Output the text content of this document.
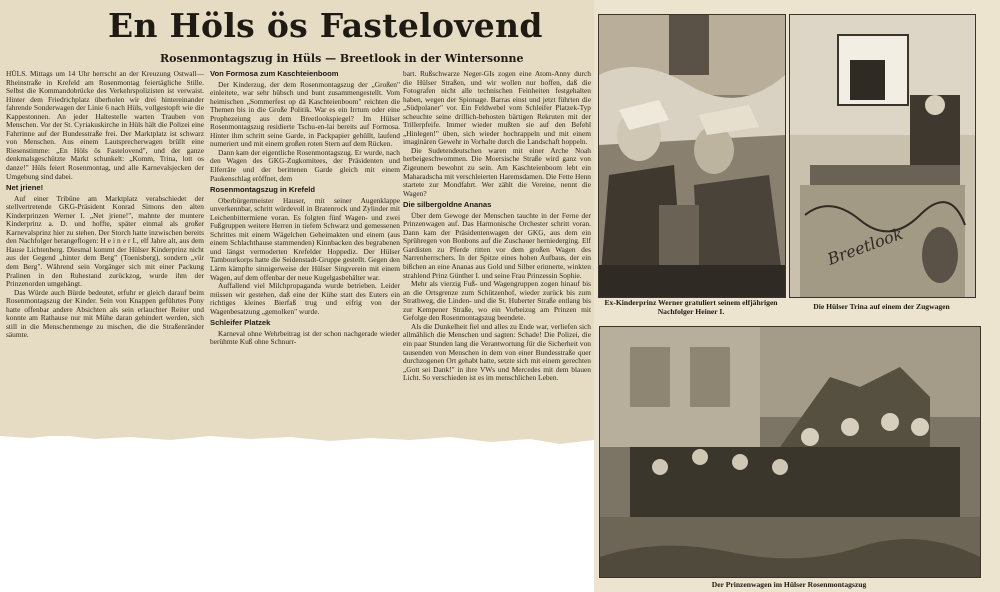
En Höls ös Fastelovend
Rosenmontagszug in Hüls — Breetlook in der Wintersonne

HÜLS. Mittags um 14 Uhr herrscht an der Kreuzung Ostwall—Rheinstraße in Krefeld am Rosenmontag feiertägliche Stille. Selbst die Kommandobrücke des Verkehrspolizisten ist verwaist. Hinter dem Friedrichplatz überholen wir drei hintereinander fahrende Sonderwagen der Linie 6 nach Hüls, vollgestopft wie die Kappestonnen. An jeder Haltestelle warten Trauben von Menschen. Vor der St. Cyriakuskirche in Hüls hält die Polizei eine Fahrrinne auf der Bundesstraße frei. Der Marktplatz ist schwarz von Menschen. Aus einem Lautsprecherwagen brüllt eine Riesenstimme: „En Höls ös Fastelovend", und der ganze denkmalsgeschützte Markt schunkelt: „Komm, Trina, lott os danze!" Hüls feiert Rosenmontag, und alle Karnevalsjecken der Umgebung sind dabei.

Net jriene!

Auf einer Tribüne am Marktplatz verabschiedet der stellvertretende GKG-Präsident Konrad Simons den alten Kinderprinzen Werner I. „Net jriene!", mahnte der muntere Kinderprinz a. D. und hoffte, später einmal als großer Karnevalsprinz hier zu stehen. Der Storch hatte inzwischen bereits den Nachfolger herangeflogen: H e i n e r I., elf Jahre alt, aus dem Hause Lichtenberg. Diesmal kommt der Hülser Kinderprinz nicht aus der Gegend „hinter dem Berg" (Toenisberg), sondern „vür dem Berg". Während sein Vorgänger sich mit einer Packung Pralinen in den Ruhestand zurückzog, wurde ihm der Prinzenorden umgehängt.

Das Würde auch Bürde bedeutet, erfuhr er gleich darauf beim Rosenmontagszug der Kinder. Sein von Knappen geführtes Pony hatte offenbar andere Absichten als sein erlauchter Reiter und konnte am Rathause nur mit Mühe daran gehindert werden, sich still in die Menschenmenge zu mischen, die die Straßenränder säumte.

Von Formosa zum Kaschteienboom

Der Kinderzug, der dem Rosenmontagszug der „Großen" einleitete, war sehr hübsch und bunt zusammengestellt. Vom heimischen „Sommerfest op dä Kaschteienboom" reichten die Themen bis in die Große Politik. War es ein Irrtum oder eine Prophezeiung aus dem Breetlookspiegel? Im Hülser Rosenmontagszug residierte Tschu-en-lai bereits auf Formosa. Hinter ihm schritt seine Garde, in Packpapier gehüllt, laufend numeriert und mit einem großen roten Stern auf dem Rücken.

Dann kam der eigentliche Rosenmontagszug. Er wurde, nach den Wagen des GKG-Zugkomitees, der Präsidenten und Elferräte und der berittenen Garde gleich mit einem Paukenschlag eröffnet, dem

Rosenmontagszug in Krefeld

Oberbürgermeister Hauser, mit seiner Augenklappe unverkennbar, schritt würdevoll in Bratenrock und Zylinder mit Leichenbittermiene voran. Es folgten fünf Wagen- und zwei Fußgruppen weitere Herren in tiefem Schwarz und gemessenen Schrittes mit einem Wägelchen Geheimakten und einem (aus einem Schlachthause stammenden) Kinnbacken des begrabenen und längst vermoderten Krefelder Hoppediz. Der Hülser Tambourkorps hatte die Seidenstadt-Gruppe gestellt. Gegen den Lärm kämpfte sinnigerweise der Hülser Singverein mit einem Wagen, auf dem offenbar der neue Kugelgasbehälter war.

Auffallend viel Milchpropaganda wurde betrieben. Leider müssen wir gestehen, daß eine der Kühe statt des Euters ein richtiges kleines Bierfaß trug und eifrig von der Wagenbesatzung „gemolken" wurde.

Schleifer Platzek

Karneval ohne Wehrbeitrag ist der schon nachgerade wieder berühmte Kuß ohne Schnurr-

bart. Rußschwarze Neger-GIs zogen eine Atom-Anny durch die Hülser Straßen, und wir wollen nur hoffen, daß die Fotografen nicht alle technischen Feinheiten festgehalten haben, wegen der Spionage. Barras einst und jetzt führten die „Südpolaner" vor. Ein Feldwebel vom Schleifer Platzek-Typ scheuchte seine drillich-behosten bärtigen Rekruten mit der Trillerpfeife. Immer wieder mußten sie auf den Befehl „Hinlegen!" üben, sich wieder hochrappeln und mit einem imaginären Gewehr in Vorhalte durch die Landschaft hoppeln.

Die Sudetendeutschen waren mit einer Arche Noah herbeigeschwommen. Die Moersische Straße wird ganz von Zigeunern bewohnt zu sein. Am Kaschteienboom lebt ein Maharadscha mit verschleierten Haremsdamen. Die Fette Henn startete zur Mondfahrt. Wer zählt die Vereine, nennt die Wagen?

Die silbergoldne Ananas

Über dem Gewoge der Menschen tauchte in der Ferne der Prinzenwagen auf. Das Harmonische Orchester schritt voran. Dann kam der Präsidentenwagen der GKG, aus dem ein Sprühregen von Bonbons auf die Zuschauer herniederging. Elf Gardisten zu Pferde ritten vor dem großen Wagen des Narrenherrschers. In der Spitze eines hohen Aufbaus, der ein bißchen an eine Ananas aus Gold und Silber erinnerte, winkten strahlend Prinz Günther I. und seine Frau Prinzessin Sophie.

Mehr als vierzig Fuß- und Wagengruppen zogen hinauf bis an die Ortsgrenze zum Schützenhof, wieder zurück bis zum Strathweg, die Linden- und die St. Huberter Straße entlang bis zur Kempener Straße, wo ein Vorbeizug am Prinzen mit Gefolge den Rosenmontagszug beendete.

Als die Dunkelheit fiel und alles zu Ende war, verliefen sich allmählich die Menschen und sagten: Schade! Die Polizei, die ein paar Stunden lang die Verantwortung für die Sicherheit von tausenden von Menschen in dem von einer Bundesstraße quer durchzogenen Ort gehabt hatte, setzte sich mit einem gerechten „Gott sei Dank!" in ihre VWs und Mercedes mit dem blauen Licht. So verschieden ist es im menschlichen Leben.

Ex-Kinderprinz Werner gratuliert seinem elfjährigen Nachfolger Heiner I.
Breetlook
Die Hülser Trina auf einem der Zugwagen
Der Prinzenwagen im Hülser Rosenmontagszug
